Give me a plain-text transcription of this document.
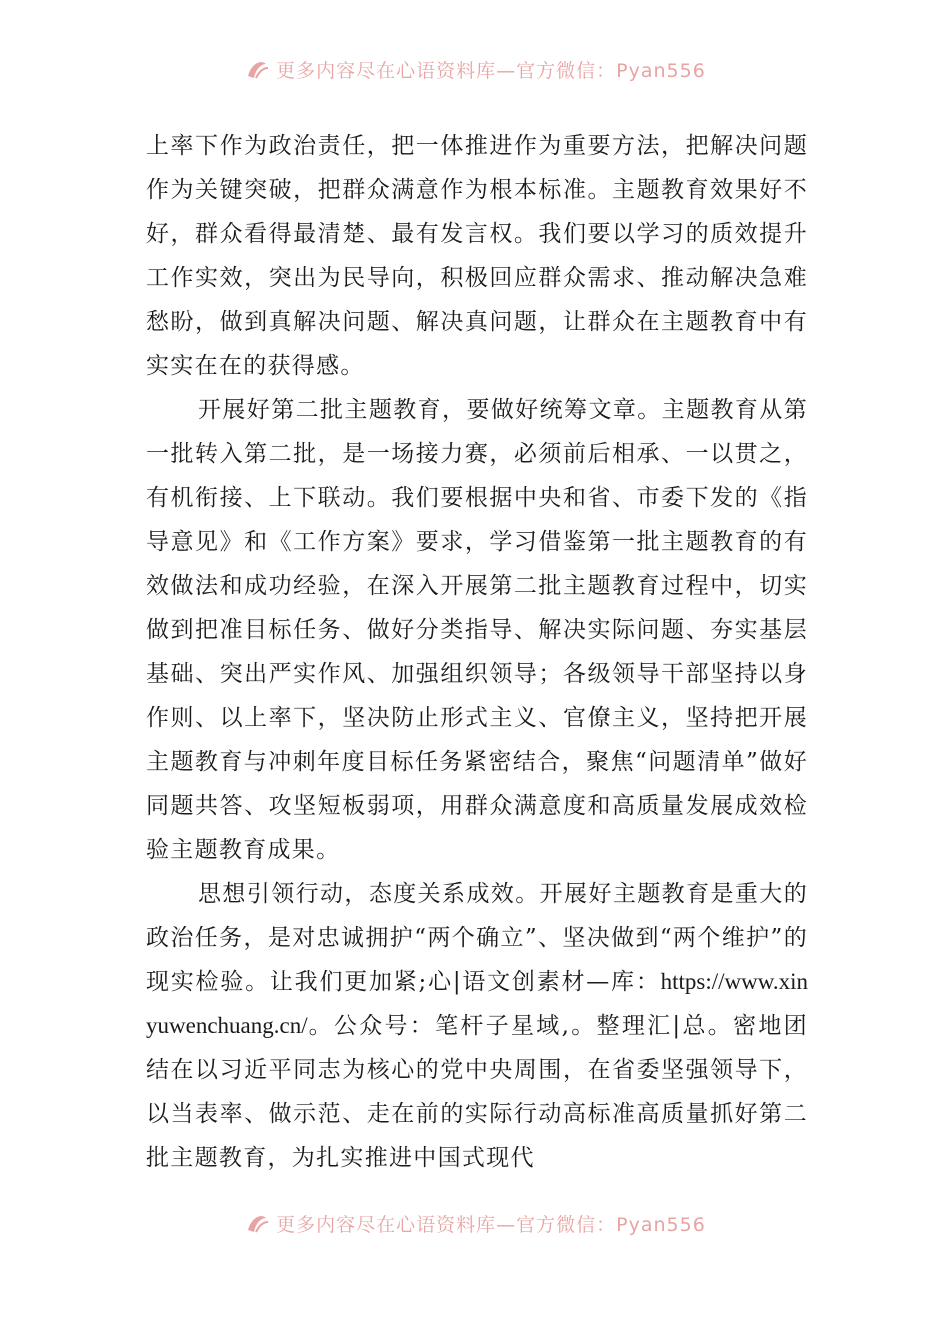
更多内容尽在心语资料库—官方微信：Pyan556

上率下作为政治责任，把一体推进作为重要方法，把解决问题作为关键突破，把群众满意作为根本标准。主题教育效果好不好，群众看得最清楚、最有发言权。我们要以学习的质效提升工作实效，突出为民导向，积极回应群众需求、推动解决急难愁盼，做到真解决问题、解决真问题，让群众在主题教育中有实实在在的获得感。

开展好第二批主题教育，要做好统筹文章。主题教育从第一批转入第二批，是一场接力赛，必须前后相承、一以贯之，有机衔接、上下联动。我们要根据中央和省、市委下发的《指导意见》和《工作方案》要求，学习借鉴第一批主题教育的有效做法和成功经验，在深入开展第二批主题教育过程中，切实做到把准目标任务、做好分类指导、解决实际问题、夯实基层基础、突出严实作风、加强组织领导；各级领导干部坚持以身作则、以上率下，坚决防止形式主义、官僚主义，坚持把开展主题教育与冲刺年度目标任务紧密结合，聚焦“问题清单”做好同题共答、攻坚短板弱项，用群众满意度和高质量发展成效检验主题教育成果。

思想引领行动，态度关系成效。开展好主题教育是重大的政治任务，是对忠诚拥护“两个确立”、坚决做到“两个维护”的现实检验。让我们更加紧;心|语文创素材—库：https://www.xinyuwenchuang.cn/。公众号：笔杆子星域,。整理汇|总。密地团结在以习近平同志为核心的党中央周围，在省委坚强领导下，以当表率、做示范、走在前的实际行动高标准高质量抓好第二批主题教育，为扎实推进中国式现代

更多内容尽在心语资料库—官方微信：Pyan556
